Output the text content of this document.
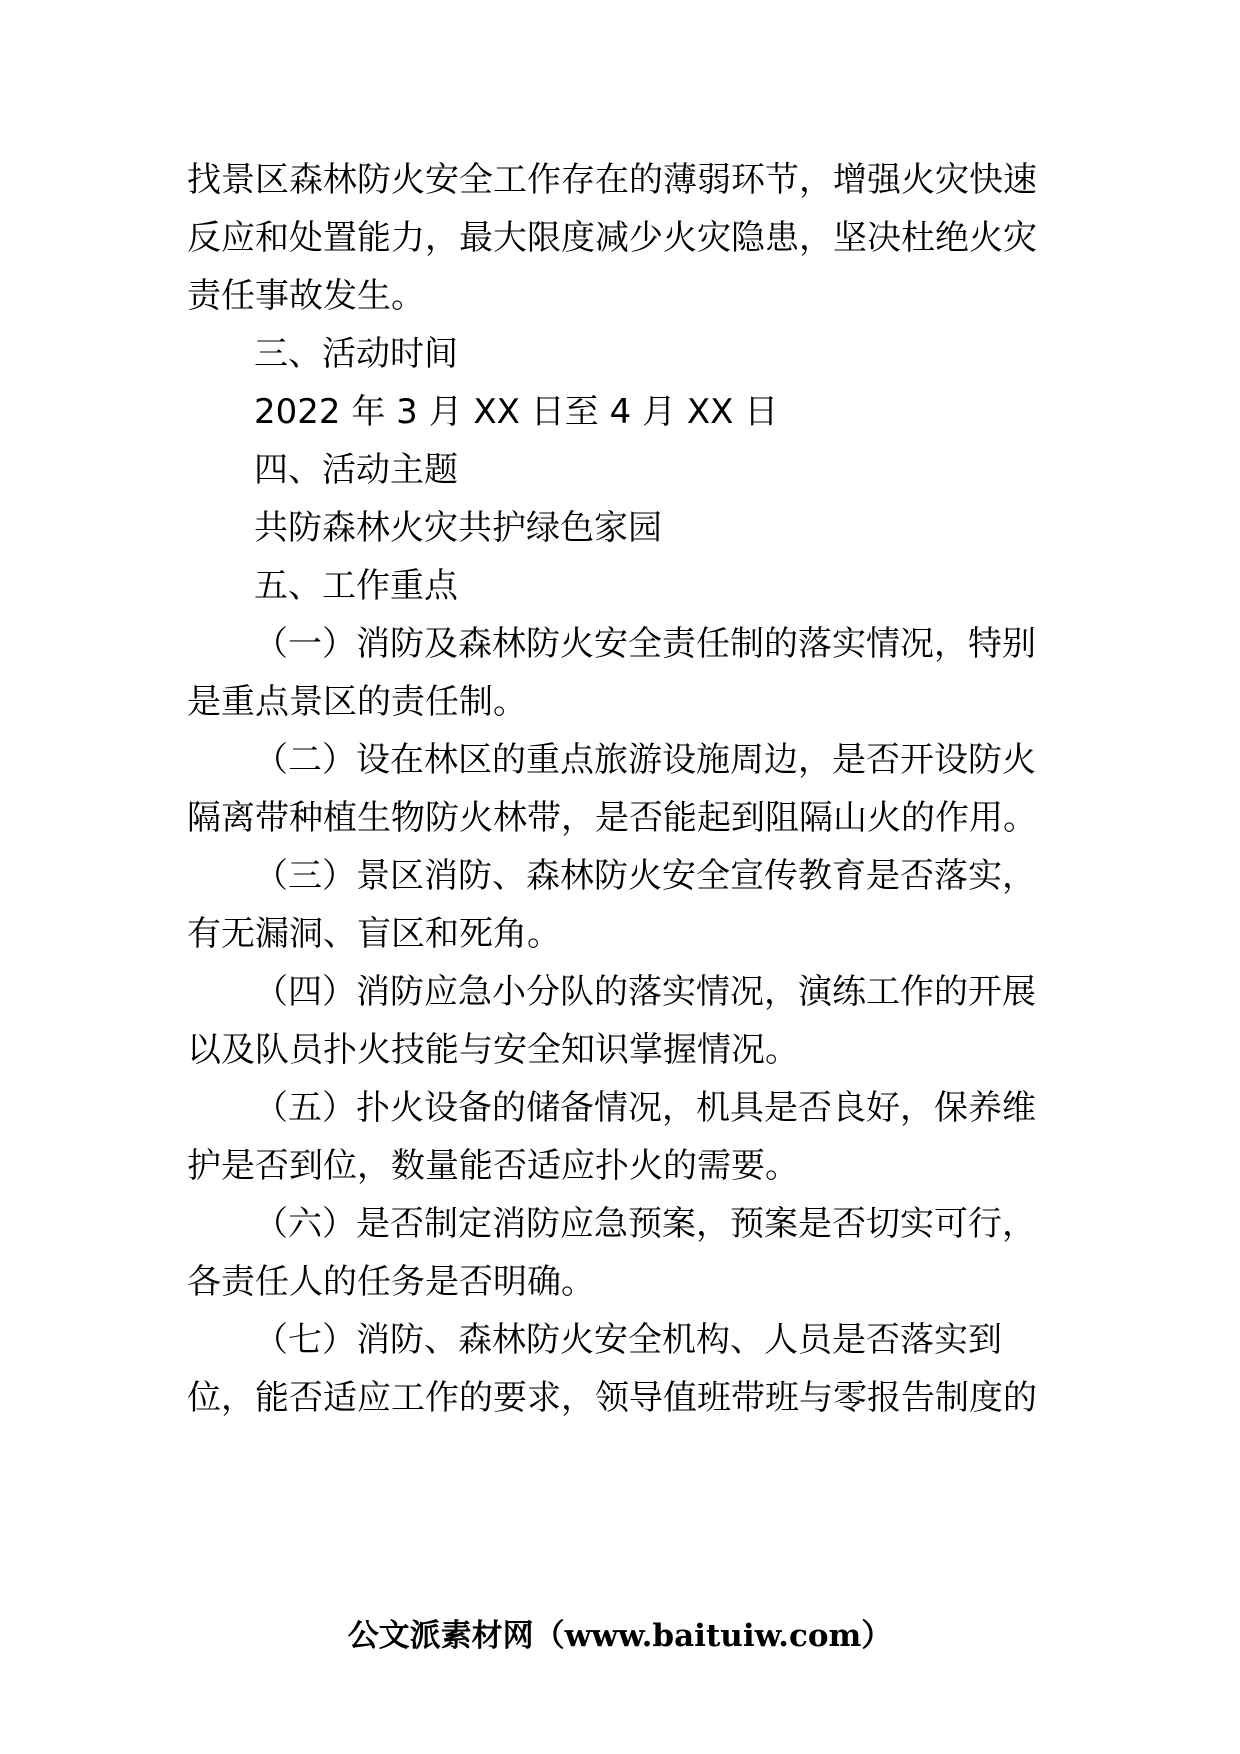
找景区森林防火安全工作存在的薄弱环节，增强火灾快速
反应和处置能力，最大限度减少火灾隐患，坚决杜绝火灾
责任事故发生。
三、活动时间
2022 年 3 月 XX 日至 4 月 XX 日
四、活动主题
共防森林火灾共护绿色家园
五、工作重点
（一）消防及森林防火安全责任制的落实情况，特别
是重点景区的责任制。
（二）设在林区的重点旅游设施周边，是否开设防火
隔离带种植生物防火林带，是否能起到阻隔山火的作用。
（三）景区消防、森林防火安全宣传教育是否落实，
有无漏洞、盲区和死角。
（四）消防应急小分队的落实情况，演练工作的开展
以及队员扑火技能与安全知识掌握情况。
（五）扑火设备的储备情况，机具是否良好，保养维
护是否到位，数量能否适应扑火的需要。
（六）是否制定消防应急预案，预案是否切实可行，
各责任人的任务是否明确。
（七）消防、森林防火安全机构、人员是否落实到
位，能否适应工作的要求，领导值班带班与零报告制度的
公文派素材网（www.baituiw.com）
